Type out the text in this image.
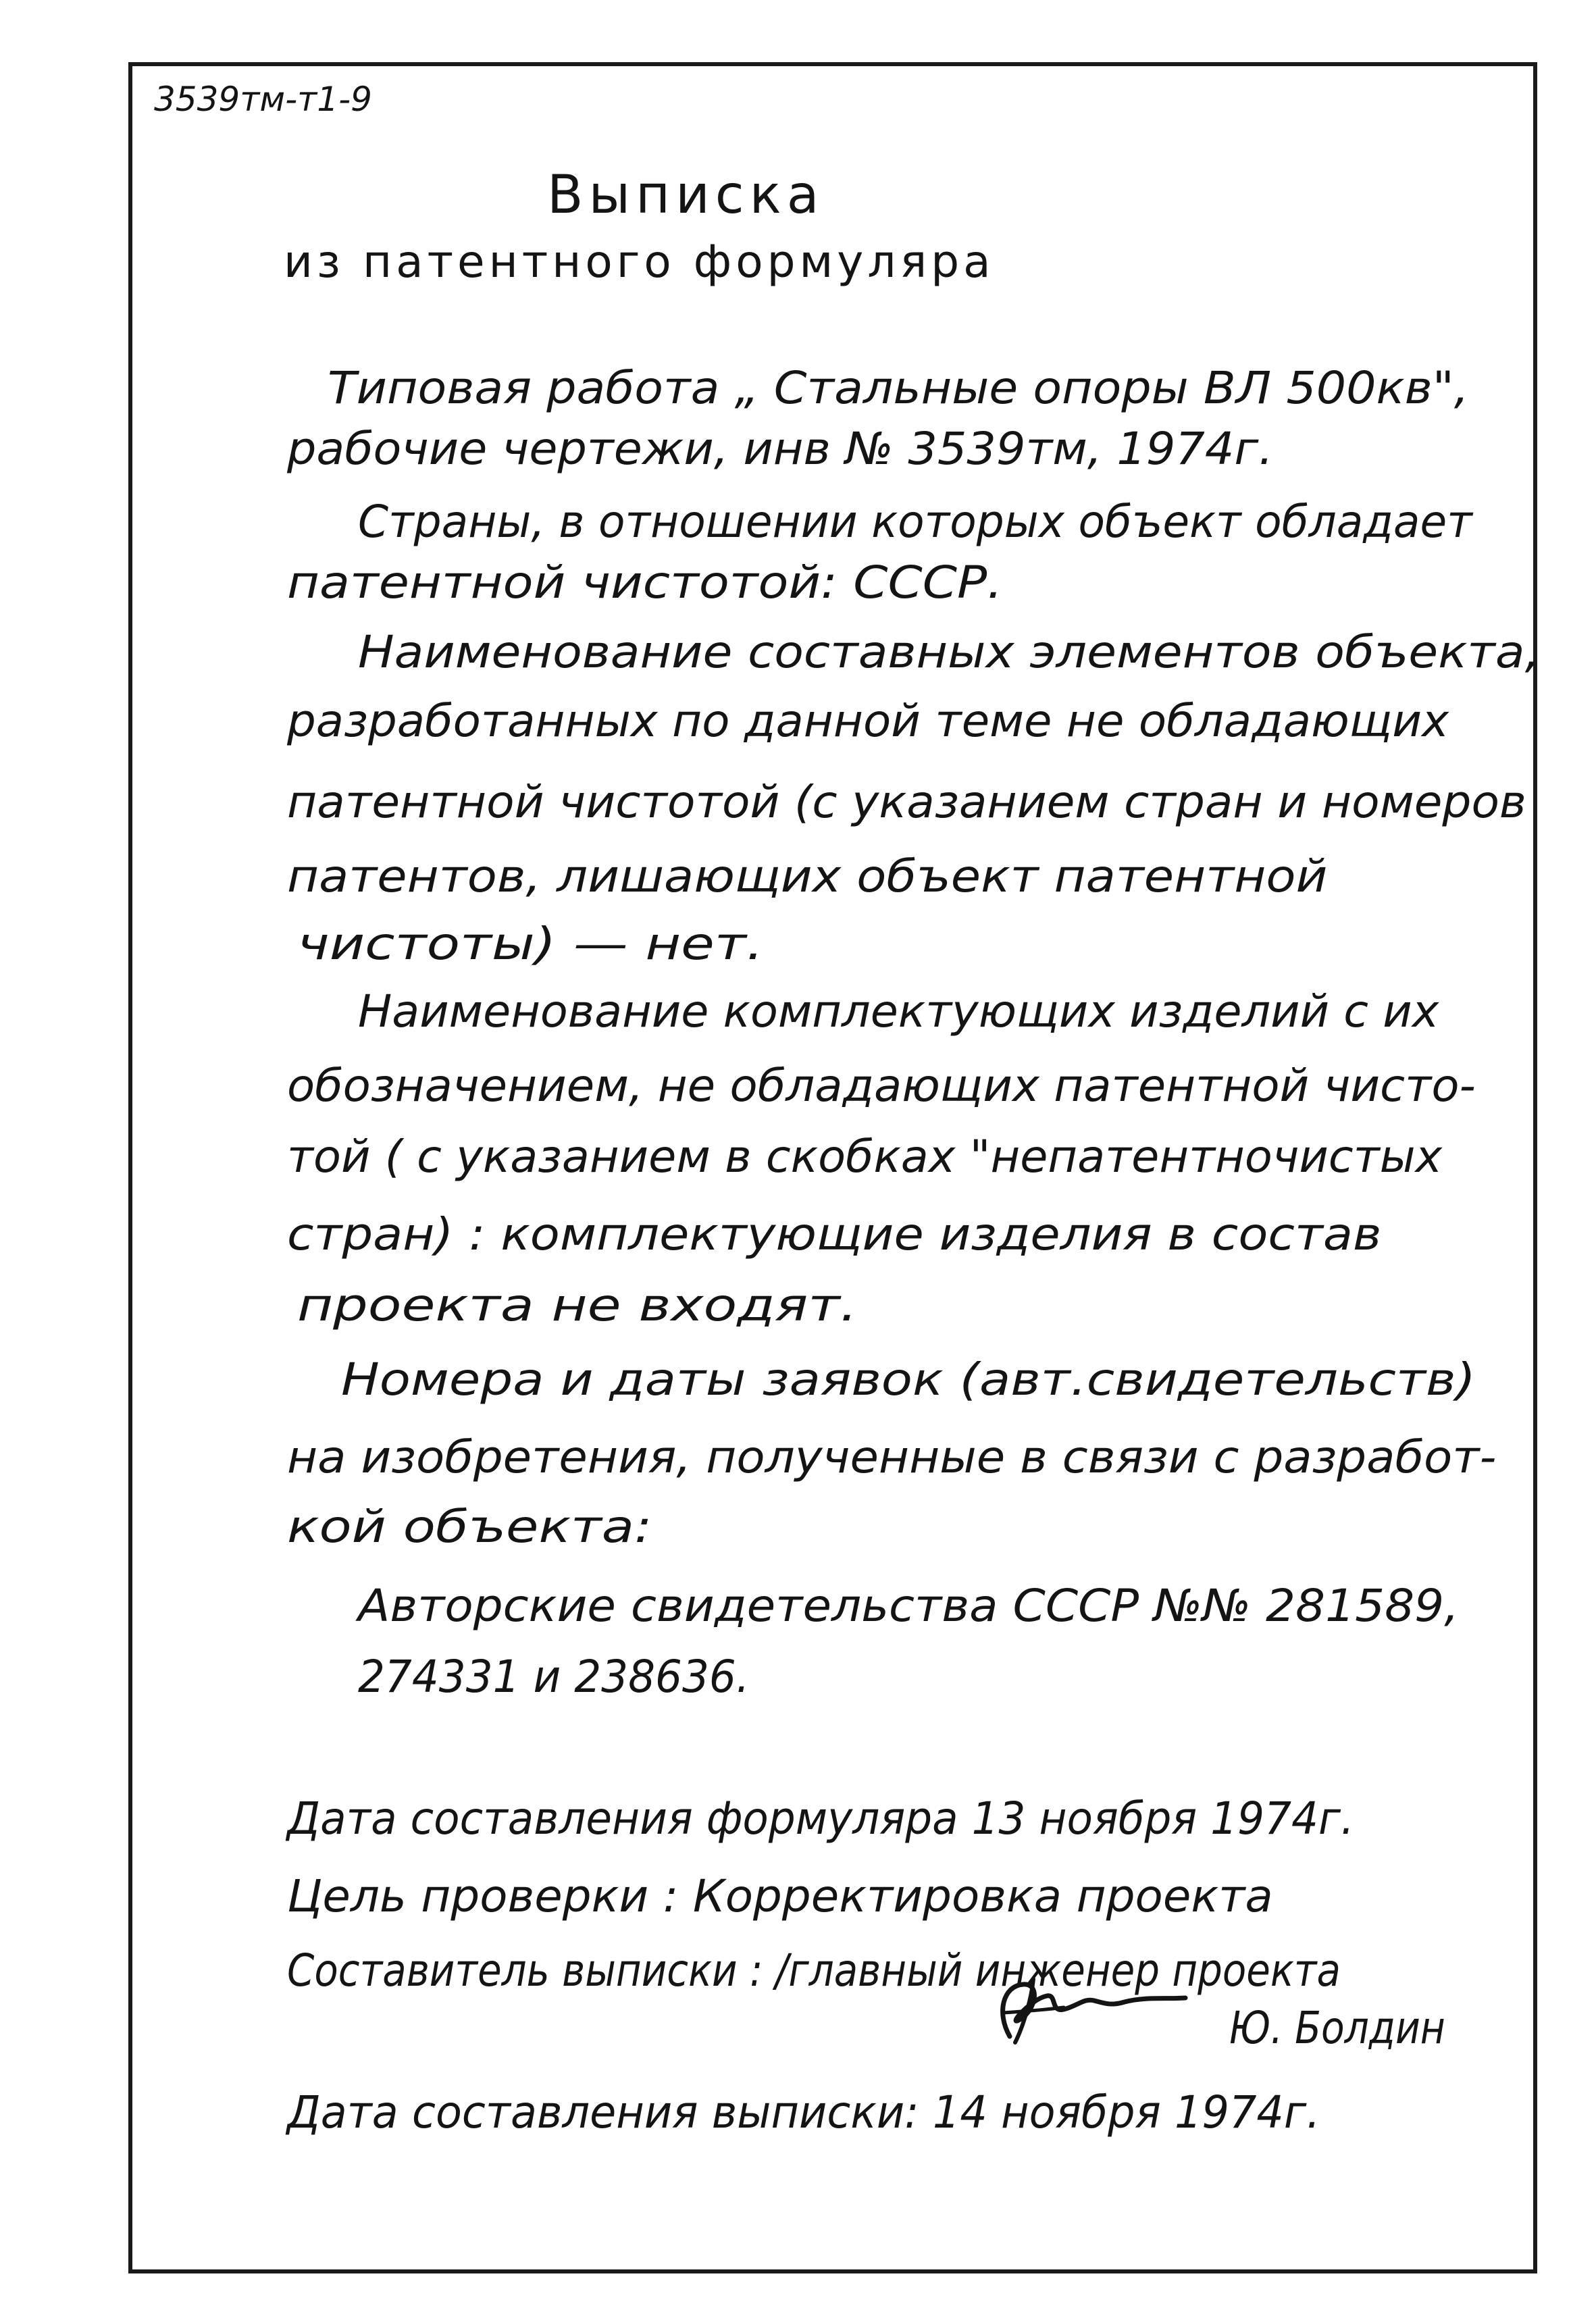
3539тм-т1-9
Выписка
из патентного формуляра
Типовая работа „ Стальные опоры ВЛ 500кв",
рабочие чертежи, инв № 3539тм, 1974г.
Страны, в отношении которых объект обладает
патентной чистотой: СССР.
Наименование составных элементов объекта,
разработанных по данной теме не обладающих
патентной чистотой (с указанием стран и номеров
патентов, лишающих объект патентной
чистоты) — нет.
Наименование комплектующих изделий с их
обозначением, не обладающих патентной чисто-
той ( с указанием в скобках "непатентночистых
стран) : комплектующие изделия в состав
проекта не входят.
Номера и даты заявок (авт.свидетельств)
на изобретения, полученные в связи с разработ-
кой объекта:
Авторские свидетельства СССР №№ 281589,
274331 и 238636.
Дата составления формуляра 13 ноября 1974г.
Цель проверки : Корректировка проекта
Составитель выписки : /главный инженер проекта
Ю. Болдин
Дата составления выписки: 14 ноября 1974г.
